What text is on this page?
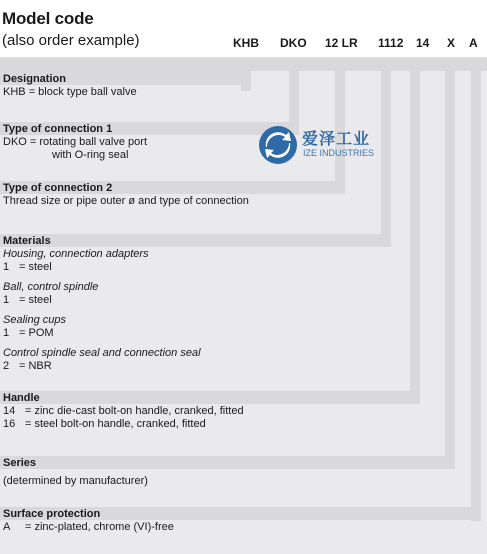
Model code
(also order example)	KHB DKO 12 LR 1112 14 X A
爱泽工业
IZE INDUSTRIES
Designation
KHB = block type ball valve
Type of connection 1
DKO = rotating ball valve port
with O-ring seal
Type of connection 2
Thread size or pipe outer ø and type of connection
Materials
Housing, connection adapters
1 = steel
Ball, control spindle
1 = steel
Sealing cups
1 = POM
Control spindle seal and connection seal
2 = NBR
Handle
14 = zinc die-cast bolt-on handle, cranked, fitted
16 = steel bolt-on handle, cranked, fitted
Series
(determined by manufacturer)
Surface protection
A = zinc-plated, chrome (VI)-free
